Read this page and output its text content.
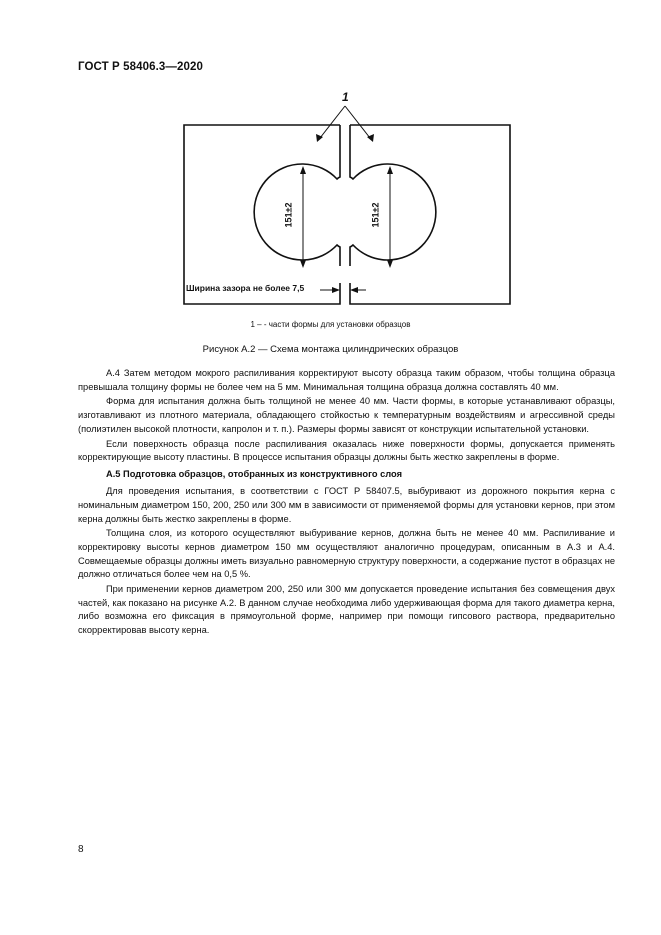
ГОСТ Р 58406.3—2020
1
151±2	151±2
Ширина зазора не более 7,5
1 – - части формы для установки образцов
Рисунок А.2 — Схема монтажа цилиндрических образцов

А.4 Затем методом мокрого распиливания корректируют высоту образца таким образом, чтобы толщина образца превышала толщину формы не более чем на 5 мм. Минимальная толщина образца должна составлять 40 мм.

Форма для испытания должна быть толщиной не менее 40 мм. Части формы, в которые устанавливают образцы, изготавливают из плотного материала, обладающего стойкостью к температурным воздействиям и агрессивной среды (полиэтилен высокой плотности, капролон и т. п.). Размеры формы зависят от конструкции испытательной установки.

Если поверхность образца после распиливания оказалась ниже поверхности формы, допускается применять корректирующие высоту пластины. В процессе испытания образцы должны быть жестко закреплены в форме.

А.5 Подготовка образцов, отобранных из конструктивного слоя

Для проведения испытания, в соответствии с ГОСТ Р 58407.5, выбуривают из дорожного покрытия керна с номинальным диаметром 150, 200, 250 или 300 мм в зависимости от применяемой формы для установки кернов, при этом керна должны быть жестко закреплены в форме.

Толщина слоя, из которого осуществляют выбуривание кернов, должна быть не менее 40 мм. Распиливание и корректировку высоты кернов диаметром 150 мм осуществляют аналогично процедурам, описанным в А.3 и А.4. Совмещаемые образцы должны иметь визуально равномерную структуру поверхности, а содержание пустот в образцах не должно отличаться более чем на 0,5 %.

При применении кернов диаметром 200, 250 или 300 мм допускается проведение испытания без совмещения двух частей, как показано на рисунке А.2. В данном случае необходима либо удерживающая форма для такого диаметра керна, либо возможна его фиксация в прямоугольной форме, например при помощи гипсового раствора, предварительно скорректировав высоту керна.

8
